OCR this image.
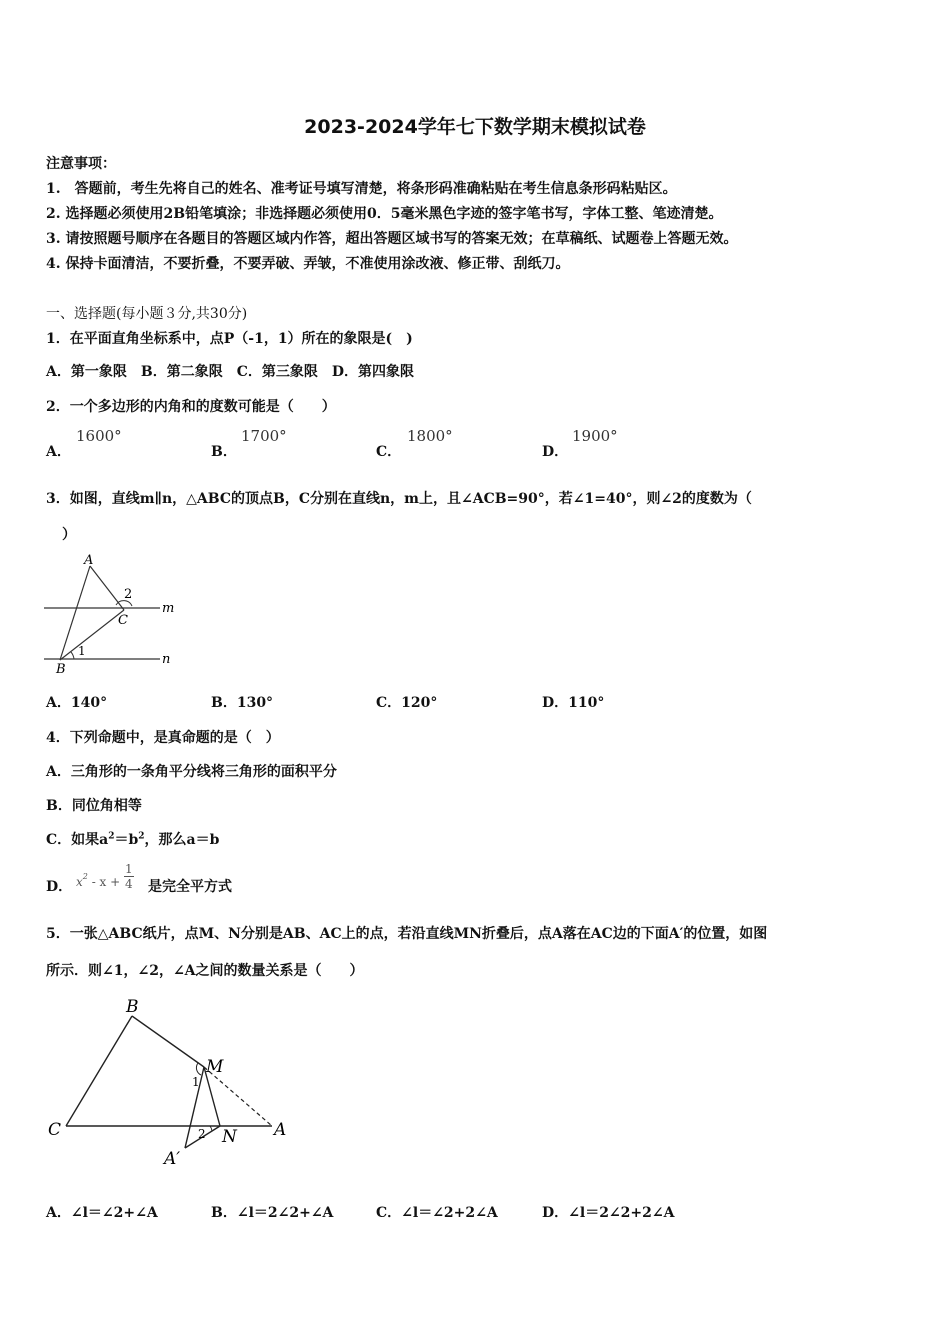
2023-2024学年七下数学期末模拟试卷
注意事项：
1.　答题前，考生先将自己的姓名、准考证号填写清楚，将条形码准确粘贴在考生信息条形码粘贴区。
2. 选择题必须使用2B铅笔填涂；非选择题必须使用0．5毫米黑色字迹的签字笔书写，字体工整、笔迹清楚。
3. 请按照题号顺序在各题目的答题区域内作答，超出答题区域书写的答案无效；在草稿纸、试题卷上答题无效。
4. 保持卡面清洁，不要折叠，不要弄破、弄皱，不准使用涂改液、修正带、刮纸刀。
一、选择题(每小题３分,共30分)
1．在平面直角坐标系中，点P（-1，1）所在的象限是(　)
A．第一象限　B．第二象限　C．第三象限　D．第四象限
2．一个多边形的内角和的度数可能是（　　）
A．
1600°
B．
1700°
C．
1800°
D．
1900°
3．如图，直线m∥n，△ABC的顶点B，C分别在直线n，m上，且∠ACB=90°，若∠1=40°，则∠2的度数为（
）
A
2
C
m
1
B
n
A．140°	B．130°	C．120°	D．110°
4．下列命题中，是真命题的是（　）
A．三角形的一条角平分线将三角形的面积平分
B．同位角相等
C．如果$a^2=b^2$，那么a＝b
D． $x^2 - x + \frac{1}{4}$ 是完全平方式
5．一张△ABC纸片，点M、N分别是AB、AC上的点，若沿直线MN折叠后，点A落在AC边的下面A′的位置，如图
所示．则∠1，∠2，∠A之间的数量关系是（　　）
B
M
1
C	A
2 N
A′
A．∠l＝∠2+∠A	B．∠l＝2∠2+∠A	C．∠l＝∠2+2∠A	D．∠l＝2∠2+2∠A
